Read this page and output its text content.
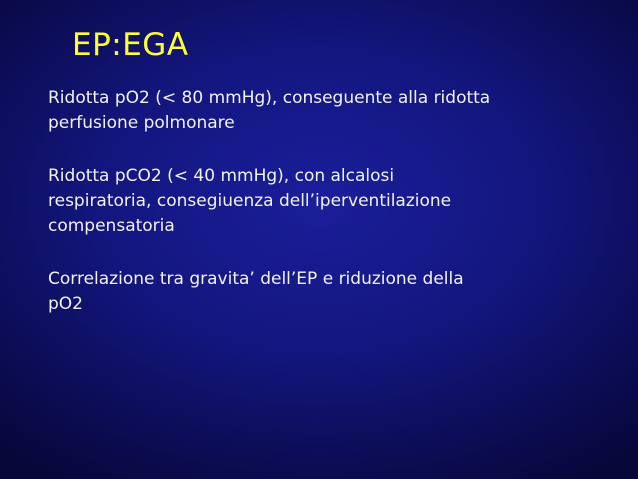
EP:EGA
Ridotta pO2 (< 80 mmHg), conseguente alla ridotta
perfusione polmonare
Ridotta pCO2 (< 40 mmHg), con alcalosi
respiratoria, consegiuenza dell’iperventilazione
compensatoria
Correlazione tra gravita’ dell’EP e riduzione della
pO2
